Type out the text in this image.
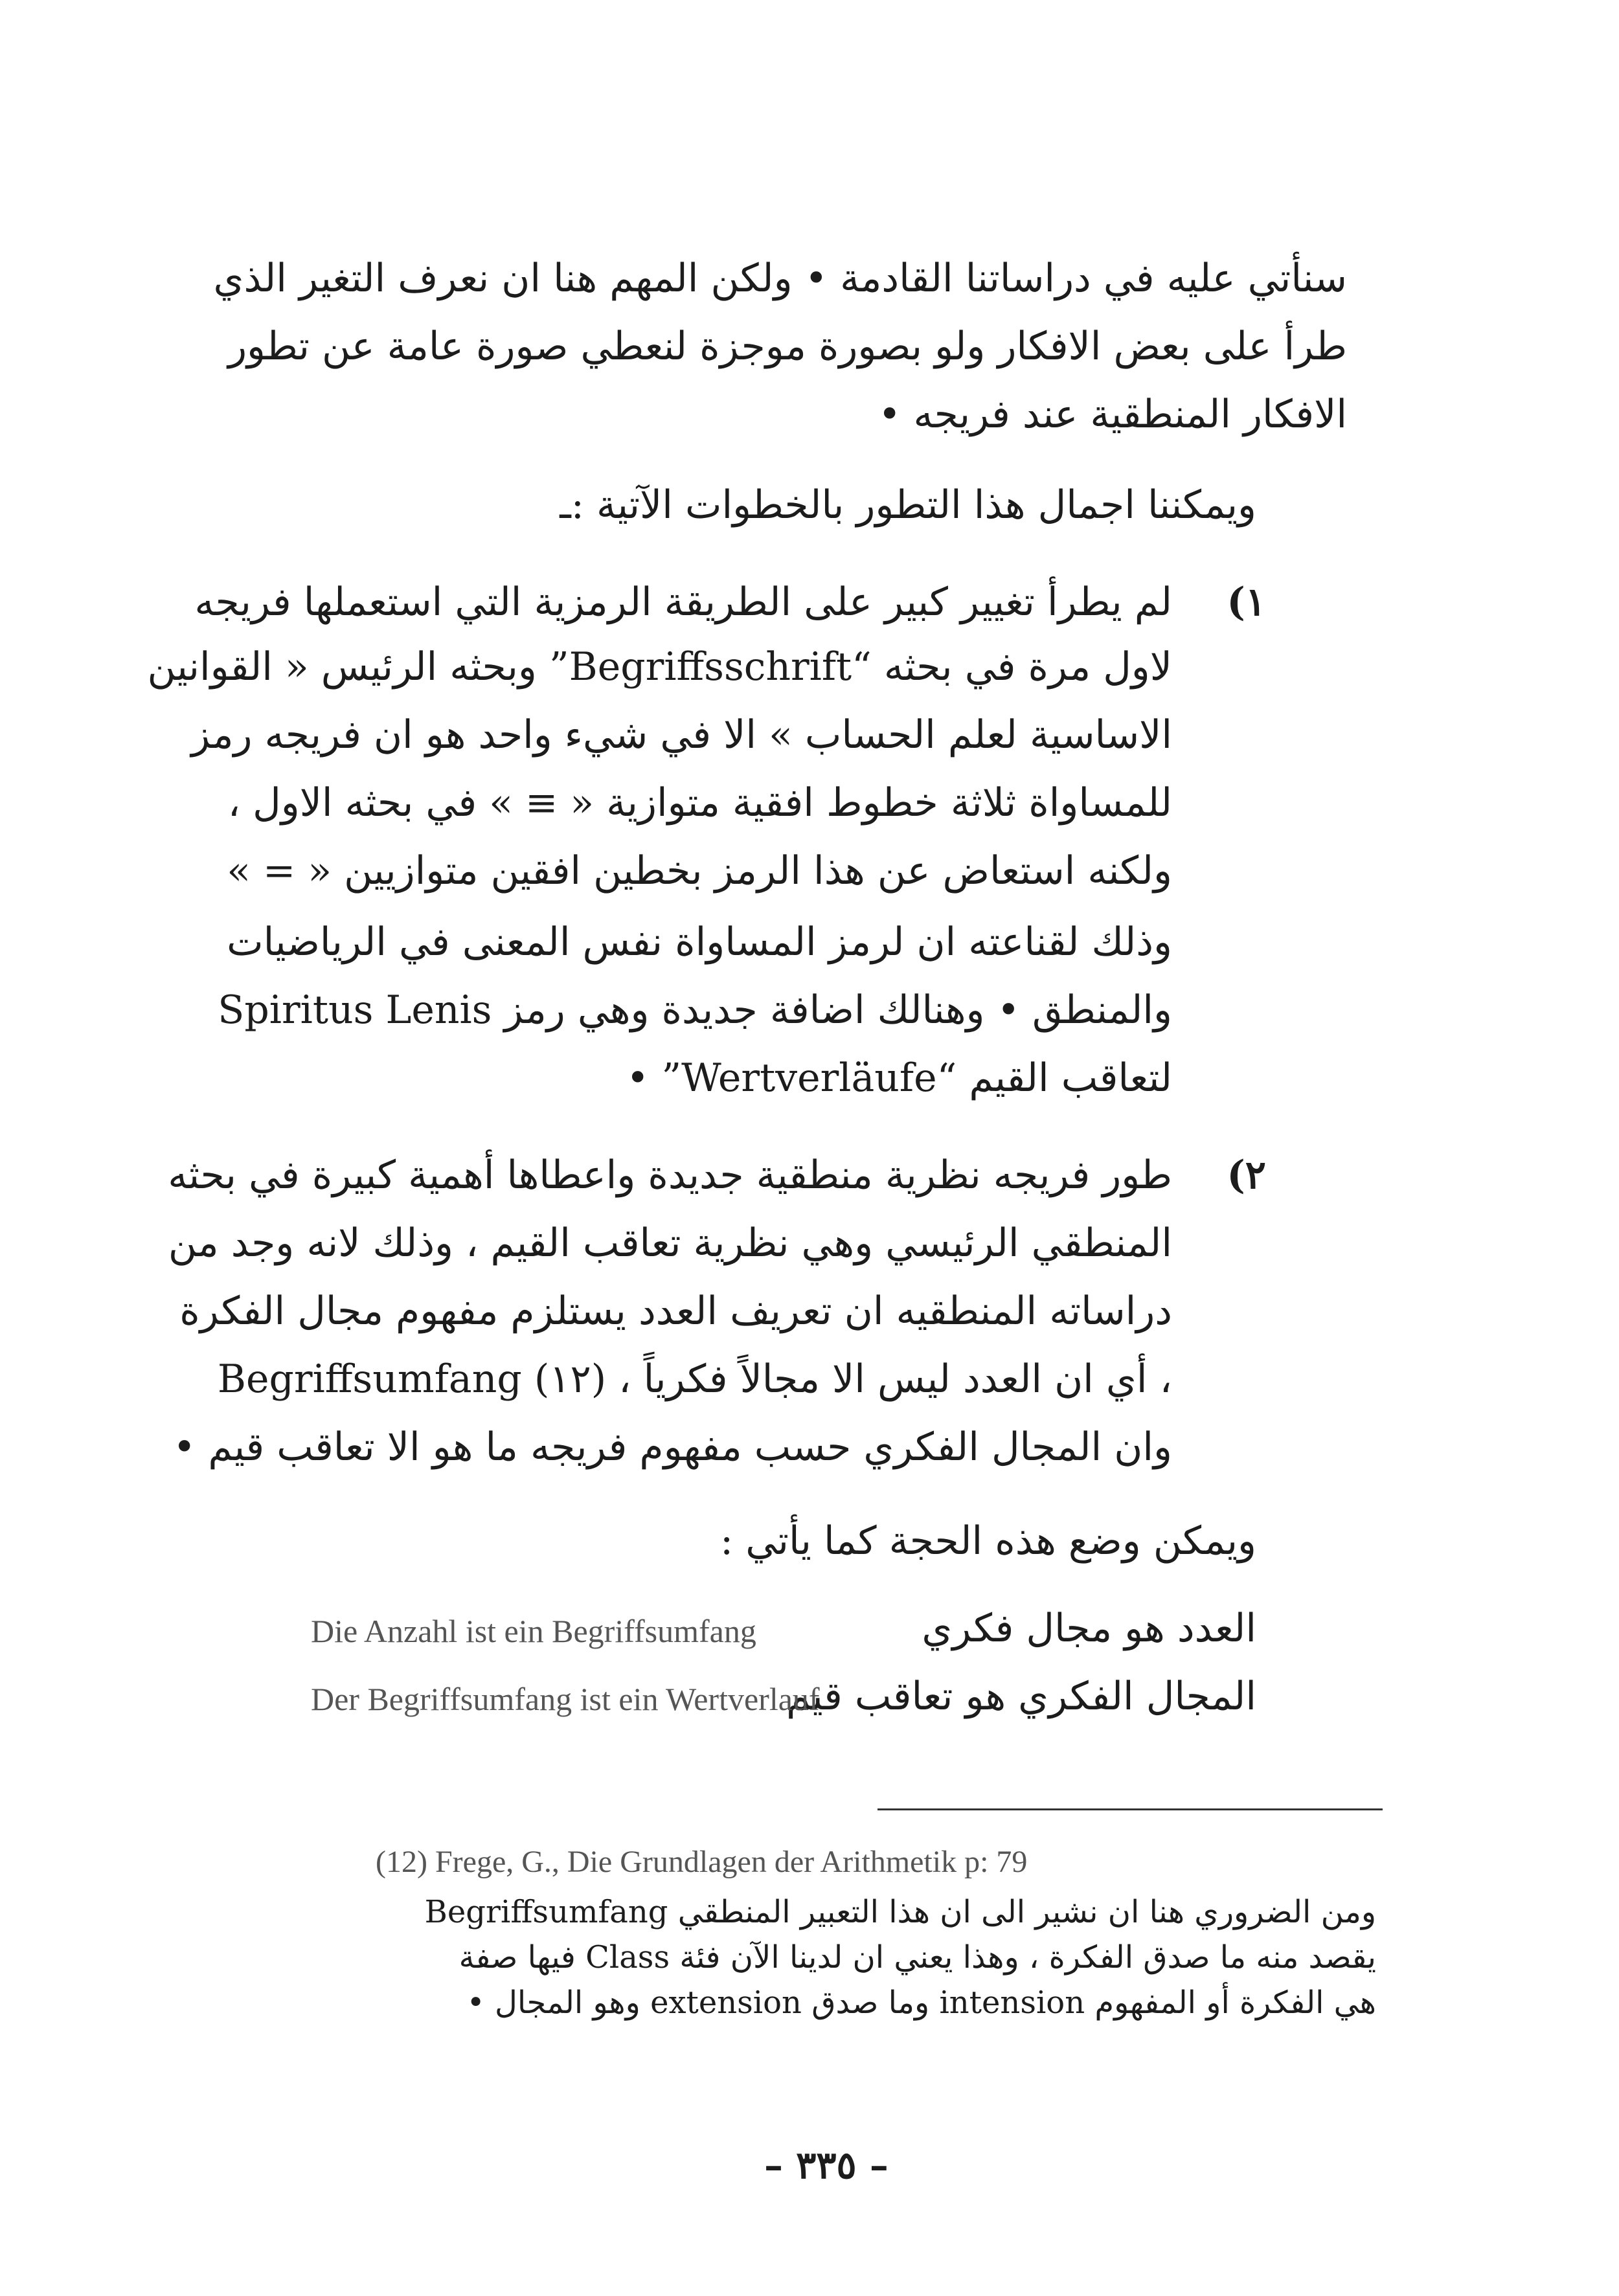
سنأتي عليه في دراساتنا القادمة • ولكن المهم هنا ان نعرف التغير الذي
طرأ على بعض الافكار ولو بصورة موجزة لنعطي صورة عامة عن تطور
الافكار المنطقية عند فريجه •
ويمكننا اجمال هذا التطور بالخطوات الآتية :ـ
١)
لم يطرأ تغيير كبير على الطريقة الرمزية التي استعملها فريجه
لاول مرة في بحثه “Begriffsschrift” وبحثه الرئيس « القوانين
الاساسية لعلم الحساب » الا في شيء واحد هو ان فريجه رمز
للمساواة ثلاثة خطوط افقية متوازية « ≡ » في بحثه الاول ،
ولكنه استعاض عن هذا الرمز بخطين افقين متوازيين « = »
وذلك لقناعته ان لرمز المساواة نفس المعنى في الرياضيات
والمنطق • وهنالك اضافة جديدة وهي رمز Spiritus Lenis
لتعاقب القيم “Wertverläufe” •
٢)
طور فريجه نظرية منطقية جديدة واعطاها أهمية كبيرة في بحثه
المنطقي الرئيسي وهي نظرية تعاقب القيم ، وذلك لانه وجد من
دراساته المنطقيه ان تعريف العدد يستلزم مفهوم مجال الفكرة
Begriffsumfang (١٢) ، أي ان العدد ليس الا مجالاً فكرياً ،
وان المجال الفكري حسب مفهوم فريجه ما هو الا تعاقب قيم •
ويمكن وضع هذه الحجة كما يأتي :
العدد هو مجال فكري
Die Anzahl ist ein Begriffsumfang
المجال الفكري هو تعاقب قيم
Der Begriffsumfang ist ein Wertverlauf
(12) Frege, G., Die Grundlagen der Arithmetik p: 79
ومن الضروري هنا ان نشير الى ان هذا التعبير المنطقي Begriffsumfang
يقصد منه ما صدق الفكرة ، وهذا يعني ان لدينا الآن فئة Class فيها صفة
هي الفكرة أو المفهوم intension وما صدق extension وهو المجال •
– ٣٣٥ –
